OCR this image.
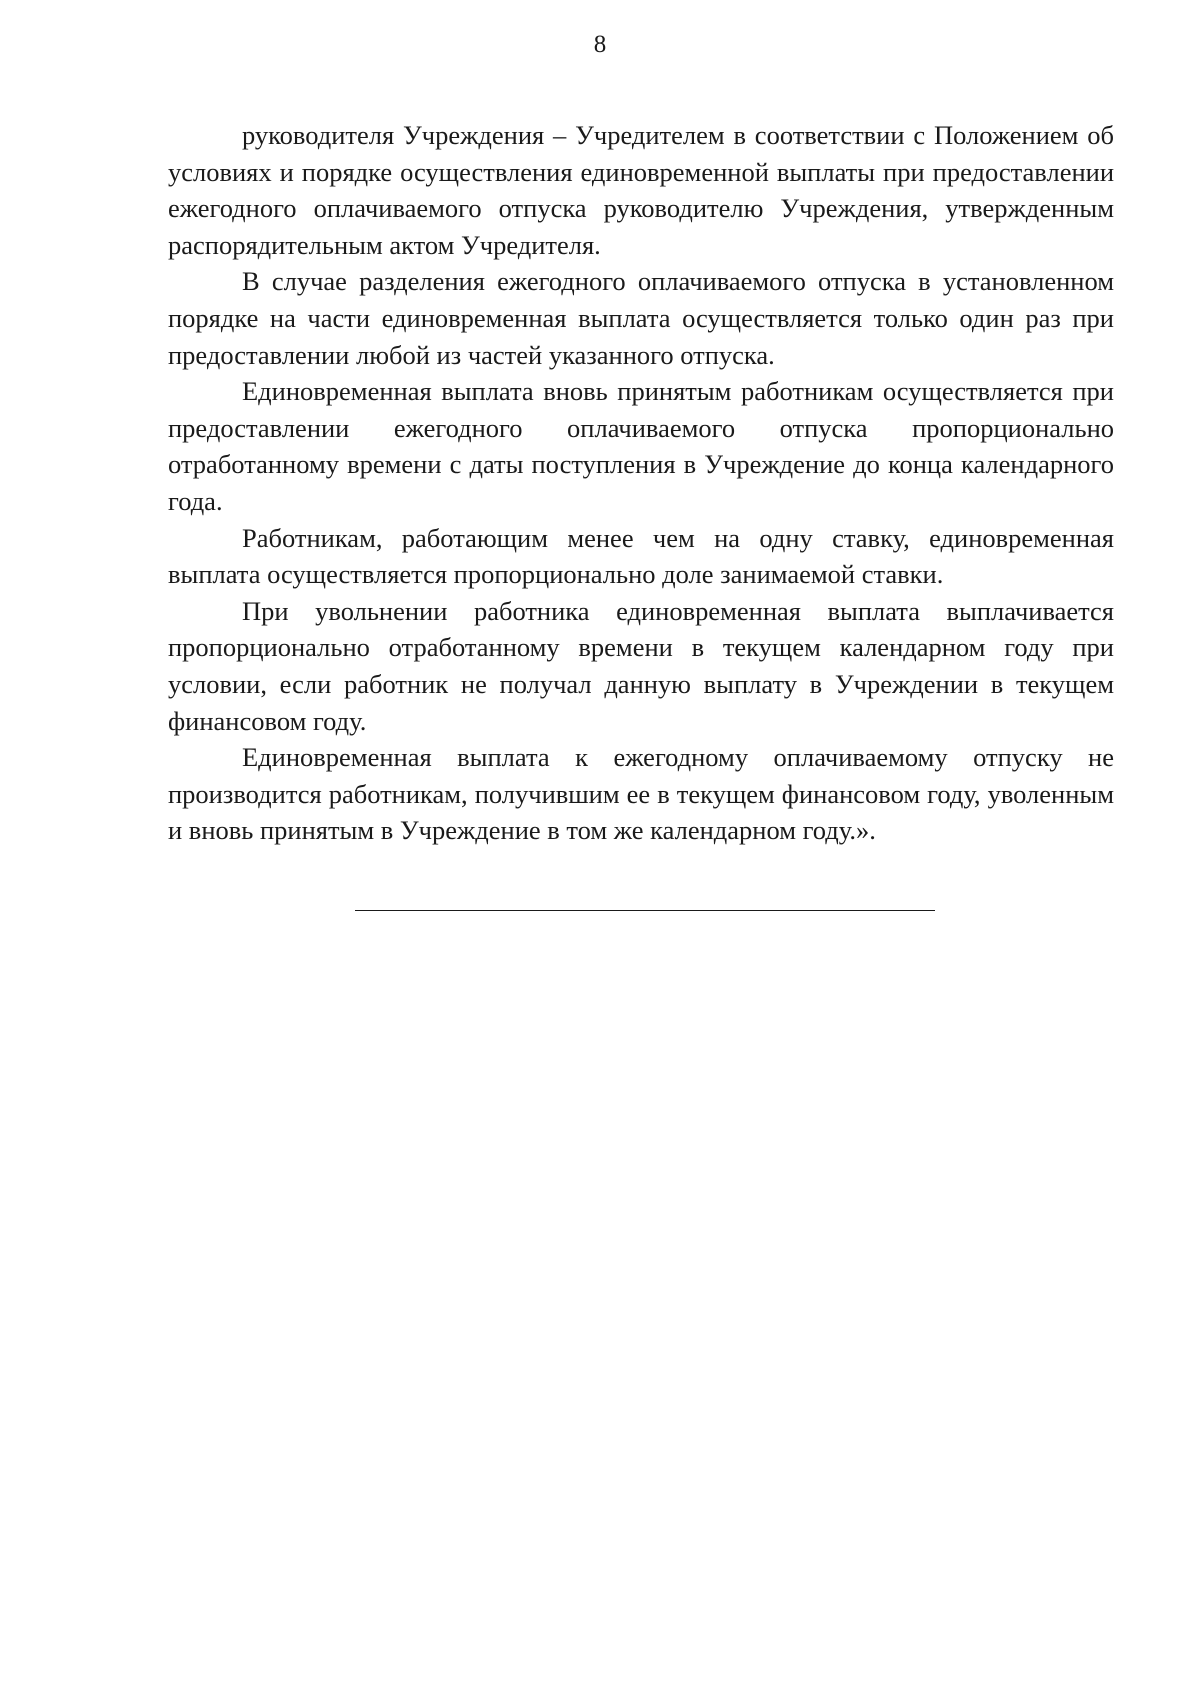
8

руководителя Учреждения – Учредителем в соответствии с Положением об условиях и порядке осуществления единовременной выплаты при предоставлении ежегодного оплачиваемого отпуска руководителю Учреждения, утвержденным распорядительным актом Учредителя.

В случае разделения ежегодного оплачиваемого отпуска в установленном порядке на части единовременная выплата осуществляется только один раз при предоставлении любой из частей указанного отпуска.

Единовременная выплата вновь принятым работникам осуществляется при предоставлении ежегодного оплачиваемого отпуска пропорционально отработанному времени с даты поступления в Учреждение до конца календарного года.

Работникам, работающим менее чем на одну ставку, единовременная выплата осуществляется пропорционально доле занимаемой ставки.

При увольнении работника единовременная выплата выплачивается пропорционально отработанному времени в текущем календарном году при условии, если работник не получал данную выплату в Учреждении в текущем финансовом году.

Единовременная выплата к ежегодному оплачиваемому отпуску не производится работникам, получившим ее в текущем финансовом году, уволенным и вновь принятым в Учреждение в том же календарном году.».
